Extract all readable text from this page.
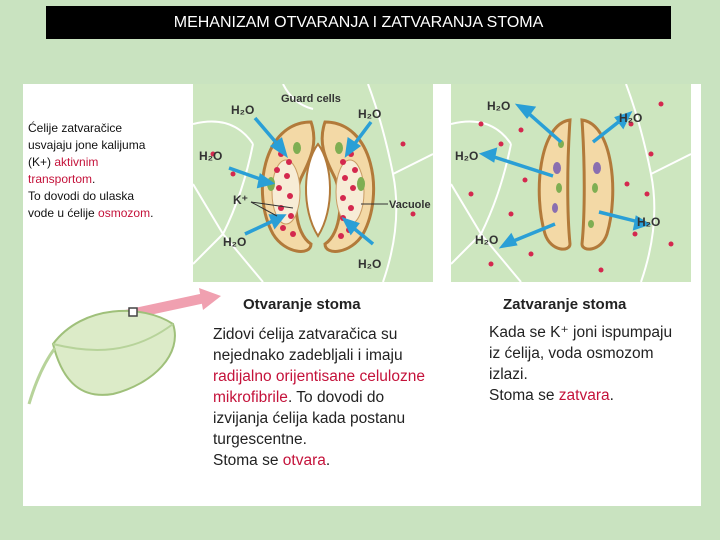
MEHANIZAM OTVARANJA I ZATVARANJA STOMA
Ćelije zatvaračice
usvajaju jone kalijuma
(K+) aktivnim
transportom.
To dovodi do ulaska
vode u ćelije osmozom.
Guard cells
H₂O	H₂O
H₂O
H₂O
H₂O
K⁺	Vacuole
H₂O
H₂O
H₂O
H₂O
H₂O
Otvaranje stoma
Zidovi ćelija zatvaračica su
nejednako zadebljali i imaju
radijalno orijentisane celulozne
mikrofibrile. To dovodi do
izvijanja ćelija kada postanu
turgescentne.
Stoma se otvara.
Zatvaranje stoma
Kada se K⁺ joni ispumpaju
iz ćelija, voda osmozom
izlazi.
Stoma se zatvara.
